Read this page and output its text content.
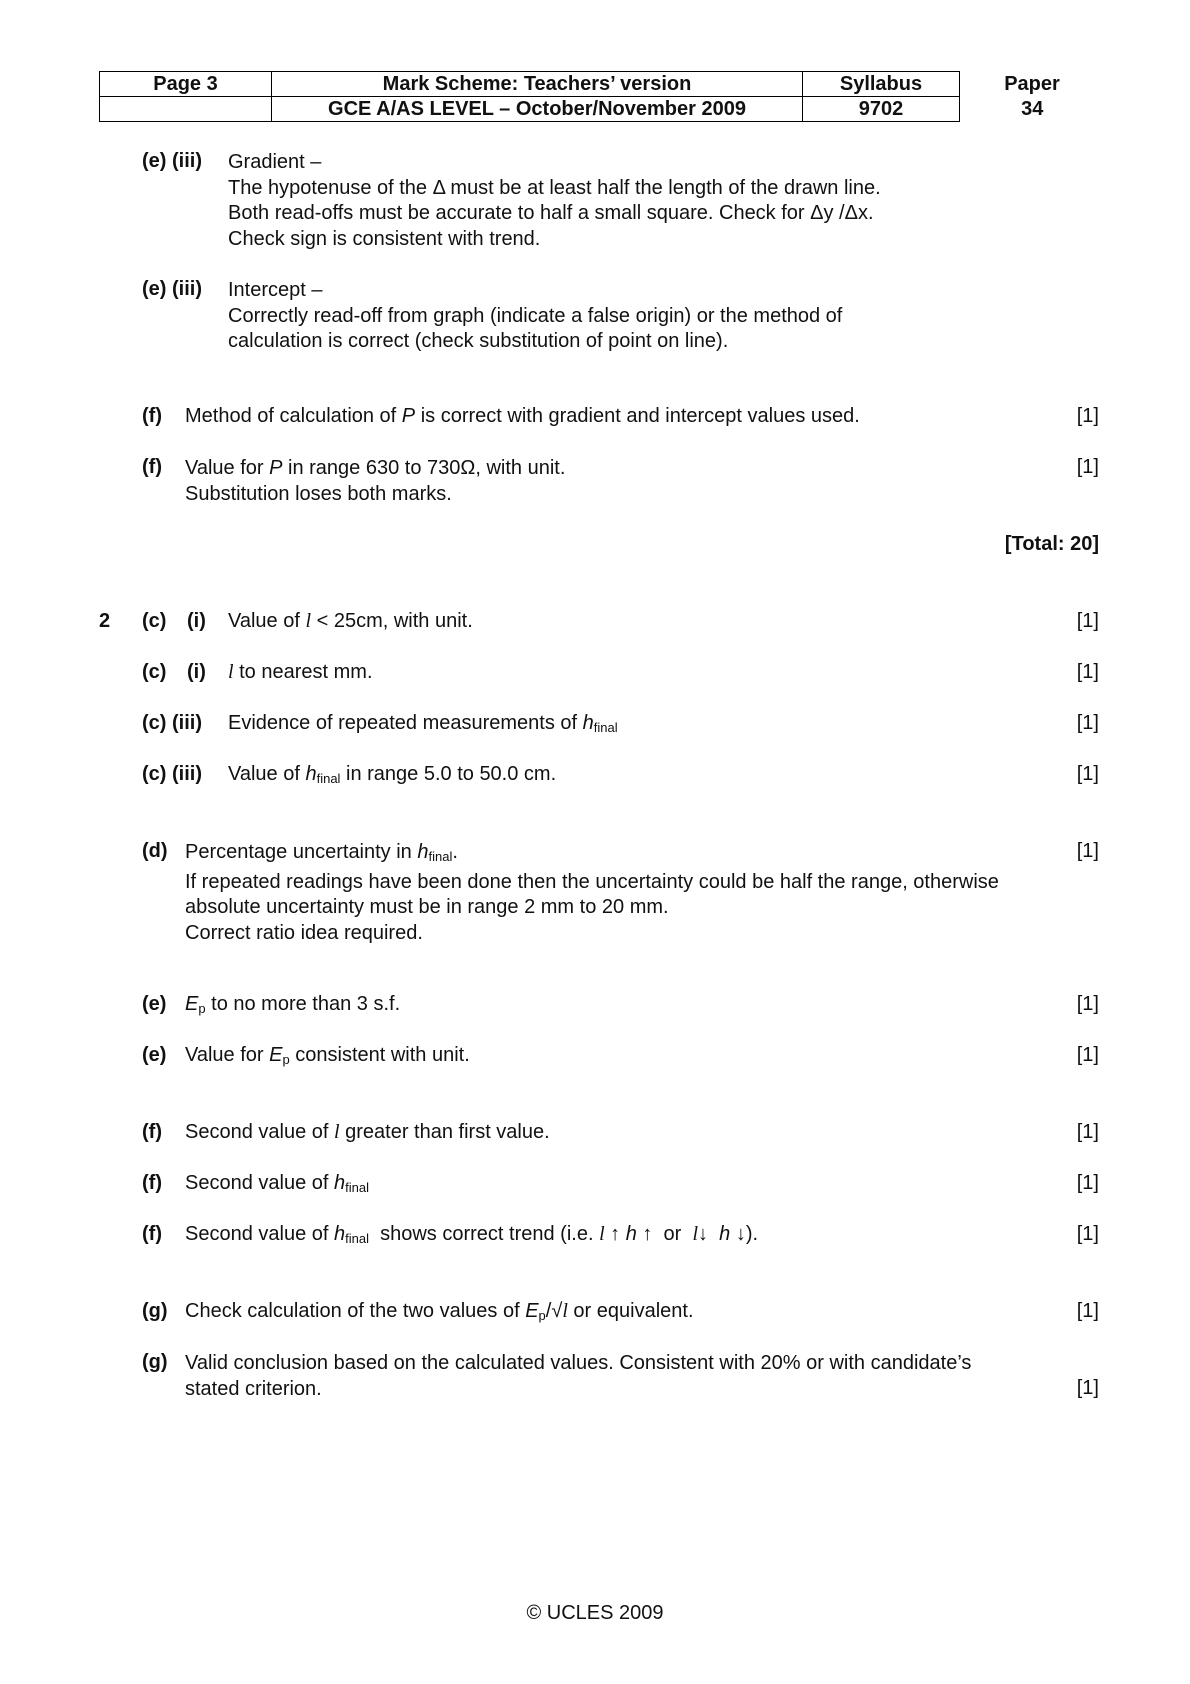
Page 3	Mark Scheme: Teachers’ version	Syllabus	Paper
	GCE A/AS LEVEL – October/November 2009	9702	34
(e) (iii) Gradient –
The hypotenuse of the Δ must be at least half the length of the drawn line.
Both read-offs must be accurate to half a small square. Check for Δy /Δx.
Check sign is consistent with trend.
(e) (iii) Intercept –
Correctly read-off from graph (indicate a false origin) or the method of
calculation is correct (check substitution of point on line).
(f) Method of calculation of P is correct with gradient and intercept values used.	[1]
(f) Value for P in range 630 to 730Ω, with unit.
Substitution loses both marks.
[1]
[Total: 20]
2 (c) (i) Value of l < 25cm, with unit.	[1]
(c) (i) l to nearest mm.	[1]
(c) (iii) Evidence of repeated measurements of $h_{final}$	[1]
(c) (iii) Value of $h_{final}$ in range 5.0 to 50.0 cm.	[1]
(d) Percentage uncertainty in $h_{final}$.
If repeated readings have been done then the uncertainty could be half the range, otherwise
absolute uncertainty must be in range 2 mm to 20 mm.
Correct ratio idea required.
[1]
(e) $E_p$ to no more than 3 s.f.	[1]
(e) Value for $E_p$ consistent with unit.	[1]
(f) Second value of l greater than first value.	[1]
(f) Second value of $h_{final}$	[1]
(f) Second value of $h_{final}$  shows correct trend (i.e. l ↑ h ↑  or  l↓  h ↓).	[1]
(g) Check calculation of the two values of $E_p/√l$ or equivalent.	[1]
(g) Valid conclusion based on the calculated values. Consistent with 20% or with candidate’s
stated criterion.	[1]
© UCLES 2009
